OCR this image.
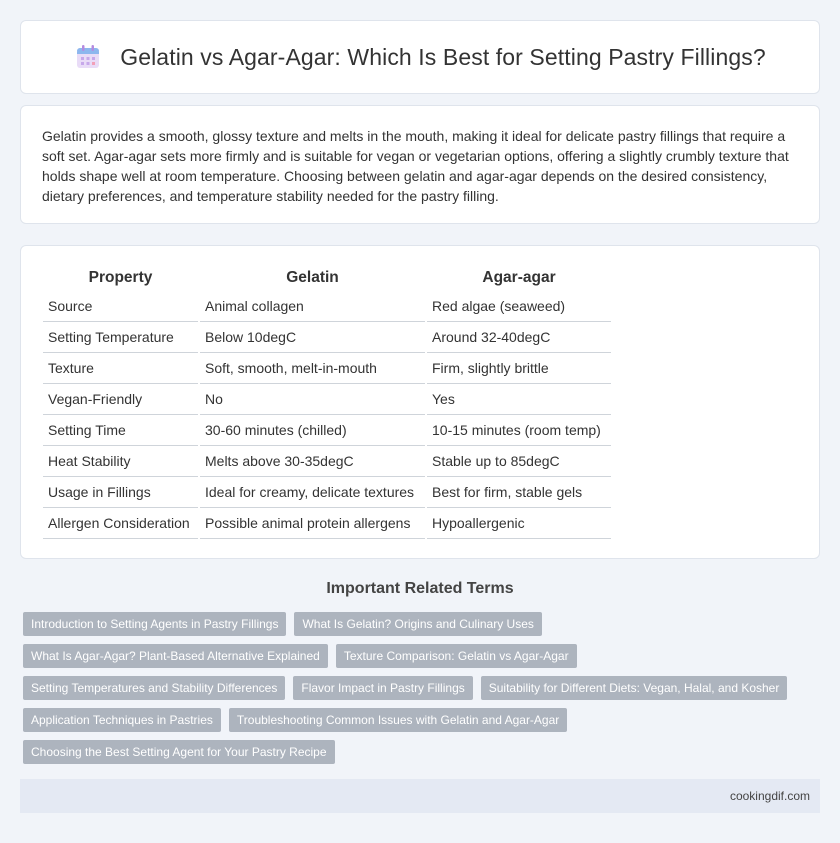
Gelatin vs Agar-Agar: Which Is Best for Setting Pastry Fillings?

Gelatin provides a smooth, glossy texture and melts in the mouth, making it ideal for delicate pastry fillings that require a soft set. Agar-agar sets more firmly and is suitable for vegan or vegetarian options, offering a slightly crumbly texture that holds shape well at room temperature. Choosing between gelatin and agar-agar depends on the desired consistency, dietary preferences, and temperature stability needed for the pastry filling.

Property	Gelatin	Agar-agar
Source	Animal collagen	Red algae (seaweed)
Setting Temperature	Below 10degC	Around 32-40degC
Texture	Soft, smooth, melt-in-mouth	Firm, slightly brittle
Vegan-Friendly	No	Yes
Setting Time	30-60 minutes (chilled)	10-15 minutes (room temp)
Heat Stability	Melts above 30-35degC	Stable up to 85degC
Usage in Fillings	Ideal for creamy, delicate textures	Best for firm, stable gels
Allergen Consideration	Possible animal protein allergens	Hypoallergenic
Important Related Terms
Introduction to Setting Agents in Pastry Fillings	What Is Gelatin? Origins and Culinary Uses
What Is Agar-Agar? Plant-Based Alternative Explained	Texture Comparison: Gelatin vs Agar-Agar
Setting Temperatures and Stability Differences	Flavor Impact in Pastry Fillings	Suitability for Different Diets: Vegan, Halal, and Kosher
Application Techniques in Pastries	Troubleshooting Common Issues with Gelatin and Agar-Agar
Choosing the Best Setting Agent for Your Pastry Recipe
cookingdif.com
